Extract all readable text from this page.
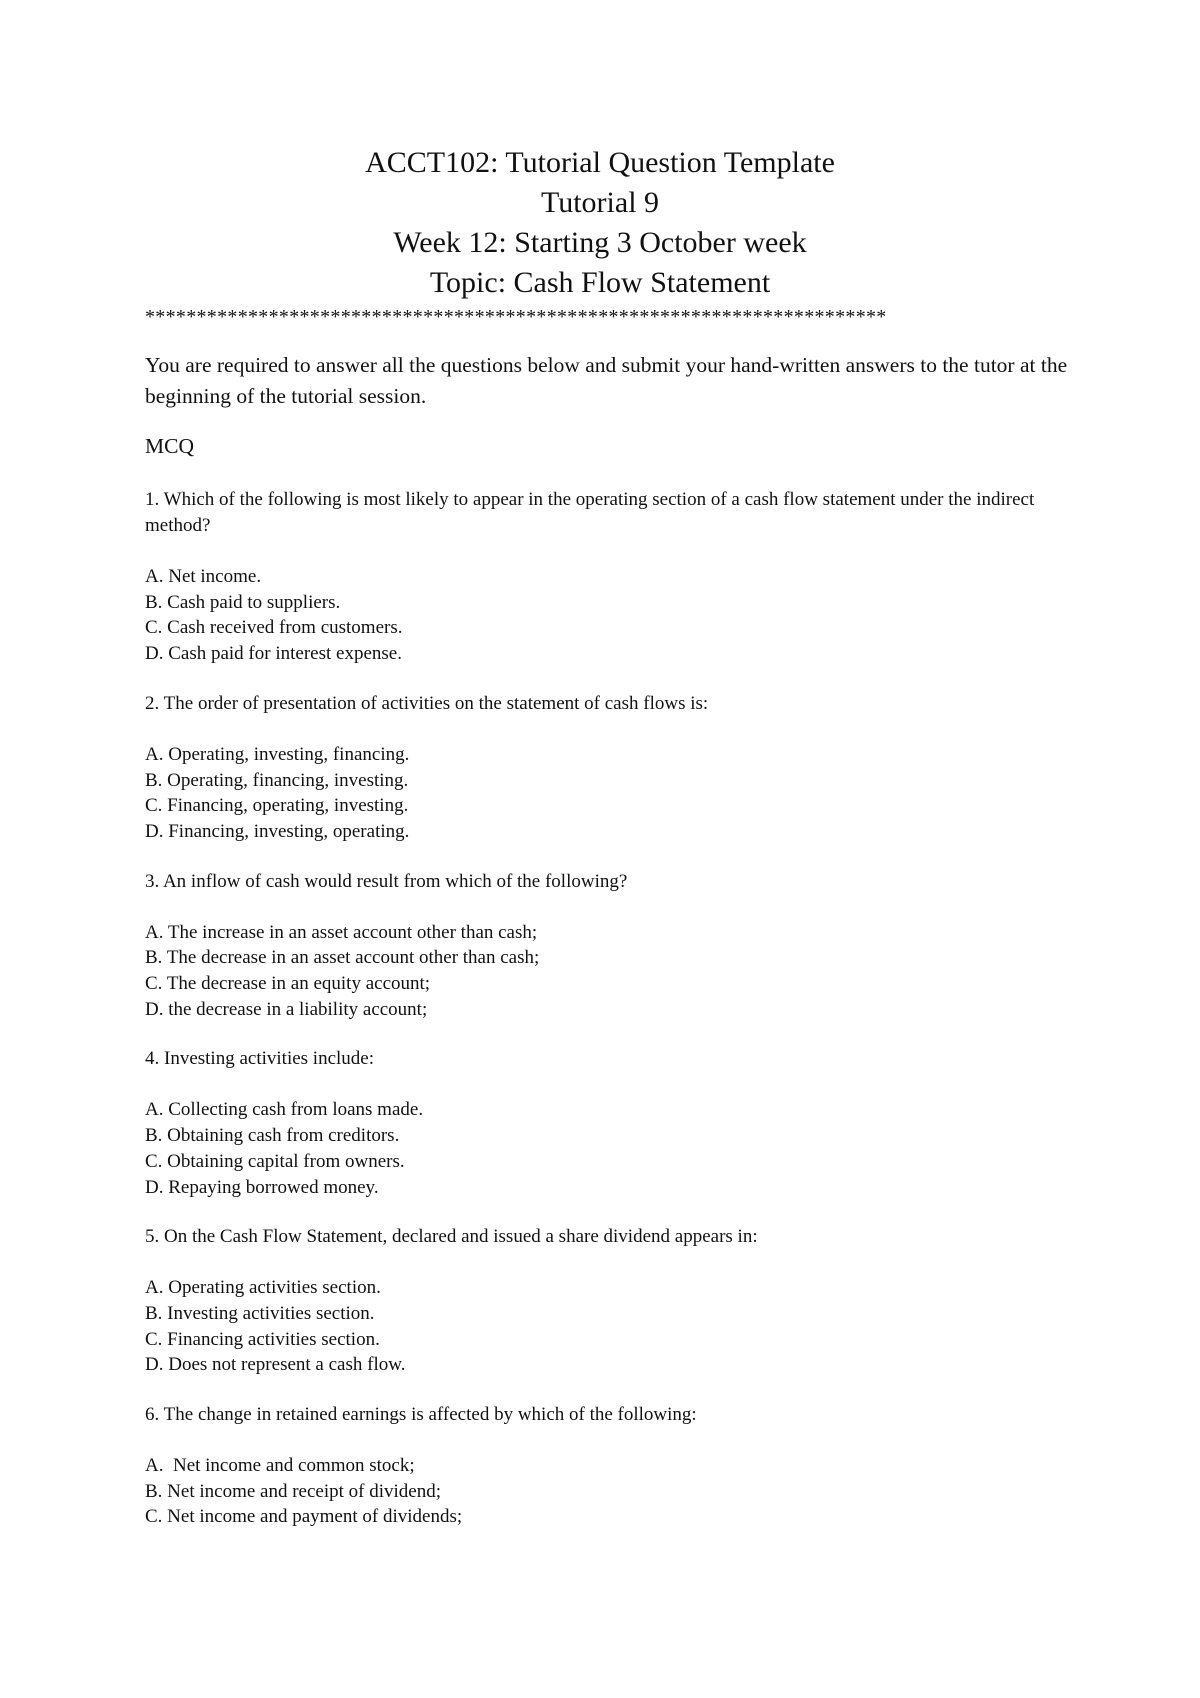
ACCT102: Tutorial Question Template
Tutorial 9
Week 12: Starting 3 October week
Topic: Cash Flow Statement
************************************************************************
You are required to answer all the questions below and submit your hand-written answers to the tutor at the beginning of the tutorial session.
MCQ
1. Which of the following is most likely to appear in the operating section of a cash flow statement under the indirect method?
A. Net income.
B. Cash paid to suppliers.
C. Cash received from customers.
D. Cash paid for interest expense.
2. The order of presentation of activities on the statement of cash flows is:
A. Operating, investing, financing.
B. Operating, financing, investing.
C. Financing, operating, investing.
D. Financing, investing, operating.
3. An inflow of cash would result from which of the following?
A. The increase in an asset account other than cash;
B. The decrease in an asset account other than cash;
C. The decrease in an equity account;
D. the decrease in a liability account;
4. Investing activities include:
A. Collecting cash from loans made.
B. Obtaining cash from creditors.
C. Obtaining capital from owners.
D. Repaying borrowed money.
5. On the Cash Flow Statement, declared and issued a share dividend appears in:
A. Operating activities section.
B. Investing activities section.
C. Financing activities section.
D. Does not represent a cash flow.
6. The change in retained earnings is affected by which of the following:
A.  Net income and common stock;
B. Net income and receipt of dividend;
C. Net income and payment of dividends;
